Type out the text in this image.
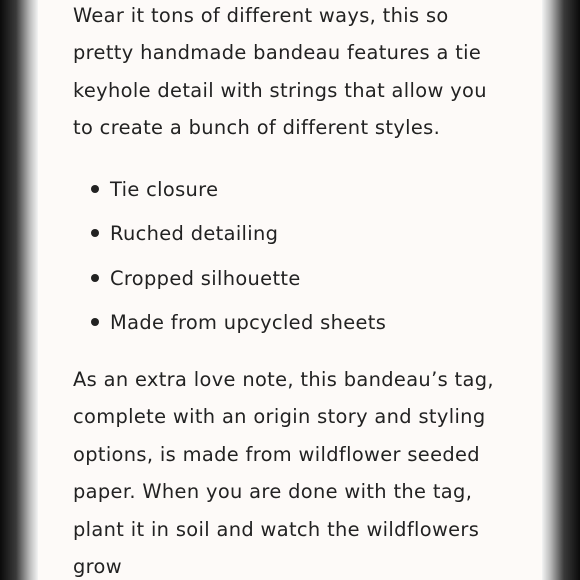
Wear it tons of different ways, this so
pretty handmade bandeau features a tie
keyhole detail with strings that allow you
to create a bunch of different styles.

Tie closure
Ruched detailing
Cropped silhouette
Made from upcycled sheets

As an extra love note, this bandeau’s tag,
complete with an origin story and styling
options, is made from wildflower seeded
paper. When you are done with the tag,
plant it in soil and watch the wildflowers
grow
